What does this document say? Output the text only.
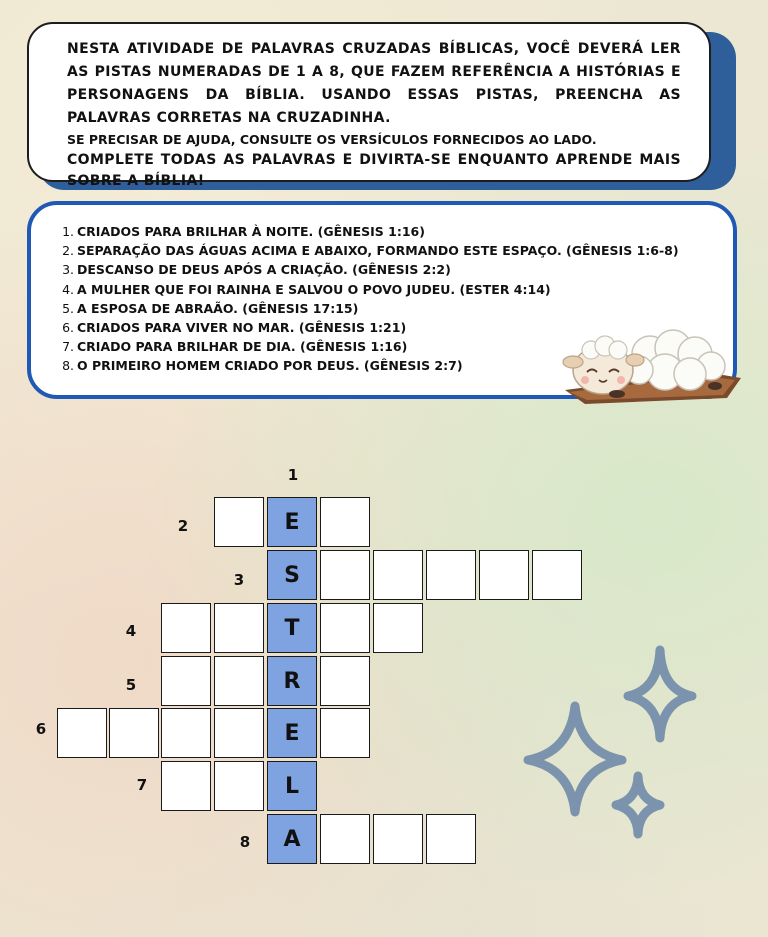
NESTA ATIVIDADE DE PALAVRAS CRUZADAS BÍBLICAS, VOCÊ DEVERÁ LER AS PISTAS NUMERADAS DE 1 A 8, QUE FAZEM REFERÊNCIA A HISTÓRIAS E PERSONAGENS DA BÍBLIA. USANDO ESSAS PISTAS, PREENCHA AS PALAVRAS CORRETAS NA CRUZADINHA.

SE PRECISAR DE AJUDA, CONSULTE OS VERSÍCULOS FORNECIDOS AO LADO.

COMPLETE TODAS AS PALAVRAS E DIVIRTA-SE ENQUANTO APRENDE MAIS SOBRE A BÍBLIA!

1. CRIADOS PARA BRILHAR À NOITE. (GÊNESIS 1:16)
2. SEPARAÇÃO DAS ÁGUAS ACIMA E ABAIXO, FORMANDO ESTE ESPAÇO. (GÊNESIS 1:6-8)
3. DESCANSO DE DEUS APÓS A CRIAÇÃO. (GÊNESIS 2:2)
4. A MULHER QUE FOI RAINHA E SALVOU O POVO JUDEU. (ESTER 4:14)
5. A ESPOSA DE ABRAÃO. (GÊNESIS 17:15)
6. CRIADOS PARA VIVER NO MAR. (GÊNESIS 1:21)
7. CRIADO PARA BRILHAR DE DIA. (GÊNESIS 1:16)
8. O PRIMEIRO HOMEM CRIADO POR DEUS. (GÊNESIS 2:7)
1
2
3
4
5
6
7
8
E
S
T
R
E
L
A
